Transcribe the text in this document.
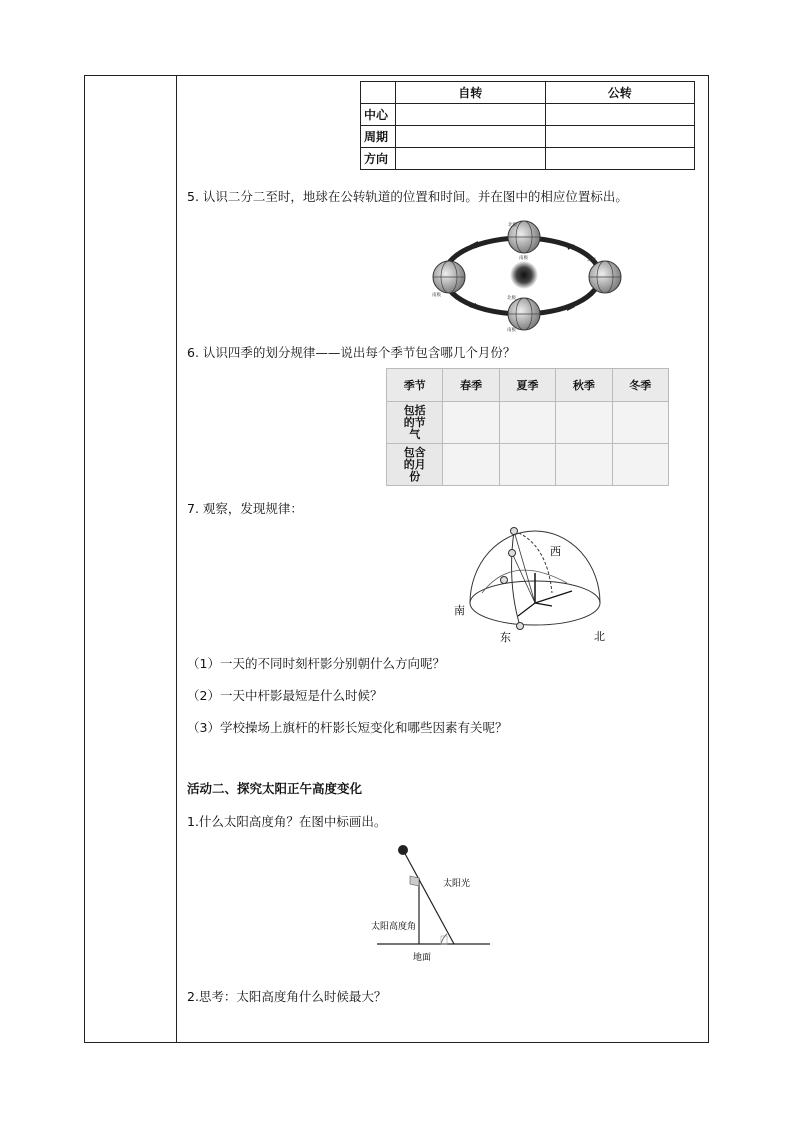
	自转	公转
中心		
周期		
方向		

5. 认识二分二至时，地球在公转轨道的位置和时间。并在图中的相应位置标出。

北极
南极	北极
北极
南极
南极

6. 认识四季的划分规律——说出每个季节包含哪几个月份？

季节	春季	夏季	秋季	冬季
包括
的节
气				
包含
的月
份				

7. 观察，发现规律：

西
南
北
东

（1）一天的不同时刻杆影分别朝什么方向呢？

（2）一天中杆影最短是什么时候？

（3）学校操场上旗杆的杆影长短变化和哪些因素有关呢？

活动二、探究太阳正午高度变化

1.什么太阳高度角？在图中标画出。

太阳光
太阳高度角
地面

2.思考：太阳高度角什么时候最大？
